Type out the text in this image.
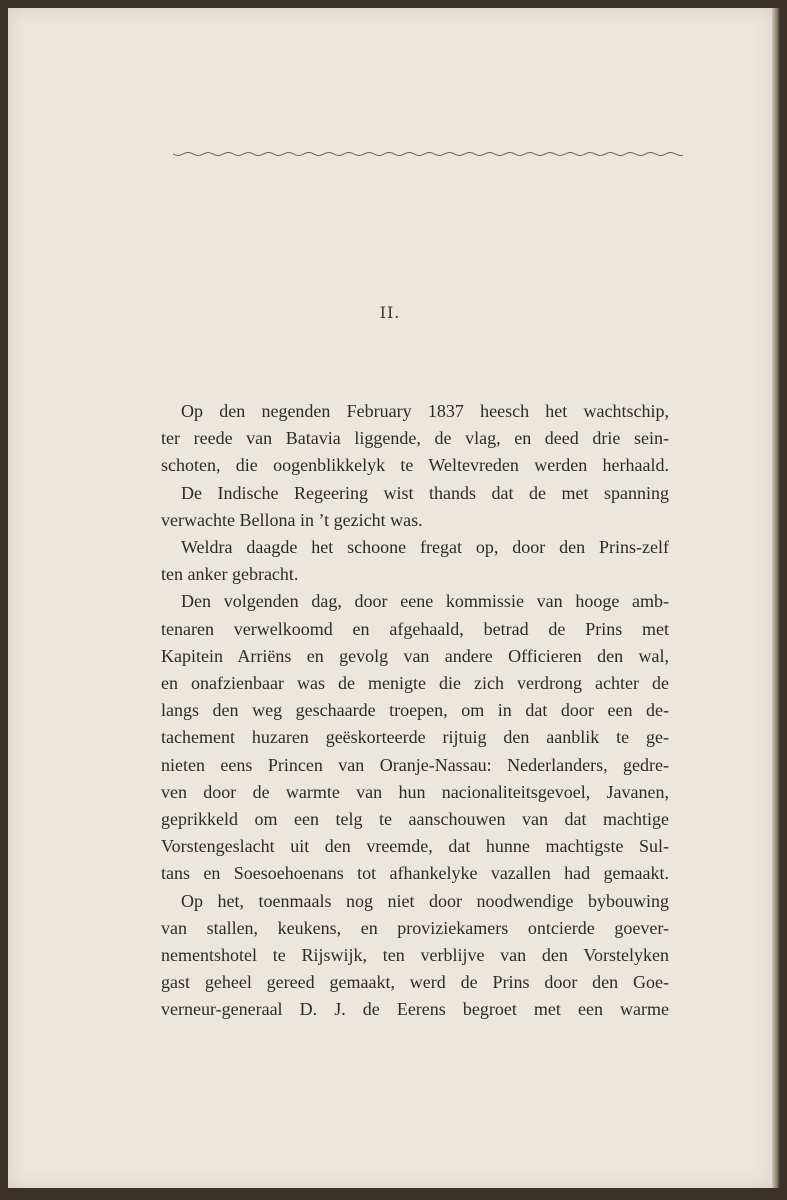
II.

Op den negenden February 1837 heesch het wachtschip,
ter reede van Batavia liggende, de vlag, en deed drie sein-
schoten, die oogenblikkelyk te Weltevreden werden herhaald.

De Indische Regeering wist thands dat de met spanning
verwachte Bellona in ’t gezicht was.

Weldra daagde het schoone fregat op, door den Prins-zelf
ten anker gebracht.

Den volgenden dag, door eene kommissie van hooge amb-
tenaren verwelkoomd en afgehaald, betrad de Prins met
Kapitein Arriëns en gevolg van andere Officieren den wal,
en onafzienbaar was de menigte die zich verdrong achter de
langs den weg geschaarde troepen, om in dat door een de-
tachement huzaren geëskorteerde rijtuig den aanblik te ge-
nieten eens Princen van Oranje-Nassau: Nederlanders, gedre-
ven door de warmte van hun nacionaliteitsgevoel, Javanen,
geprikkeld om een telg te aanschouwen van dat machtige
Vorstengeslacht uit den vreemde, dat hunne machtigste Sul-
tans en Soesoehoenans tot afhankelyke vazallen had gemaakt.

Op het, toenmaals nog niet door noodwendige bybouwing
van stallen, keukens, en proviziekamers ontcierde goever-
nementshotel te Rijswijk, ten verblijve van den Vorstelyken
gast geheel gereed gemaakt, werd de Prins door den Goe-
verneur-generaal D. J. de Eerens begroet met een warme
